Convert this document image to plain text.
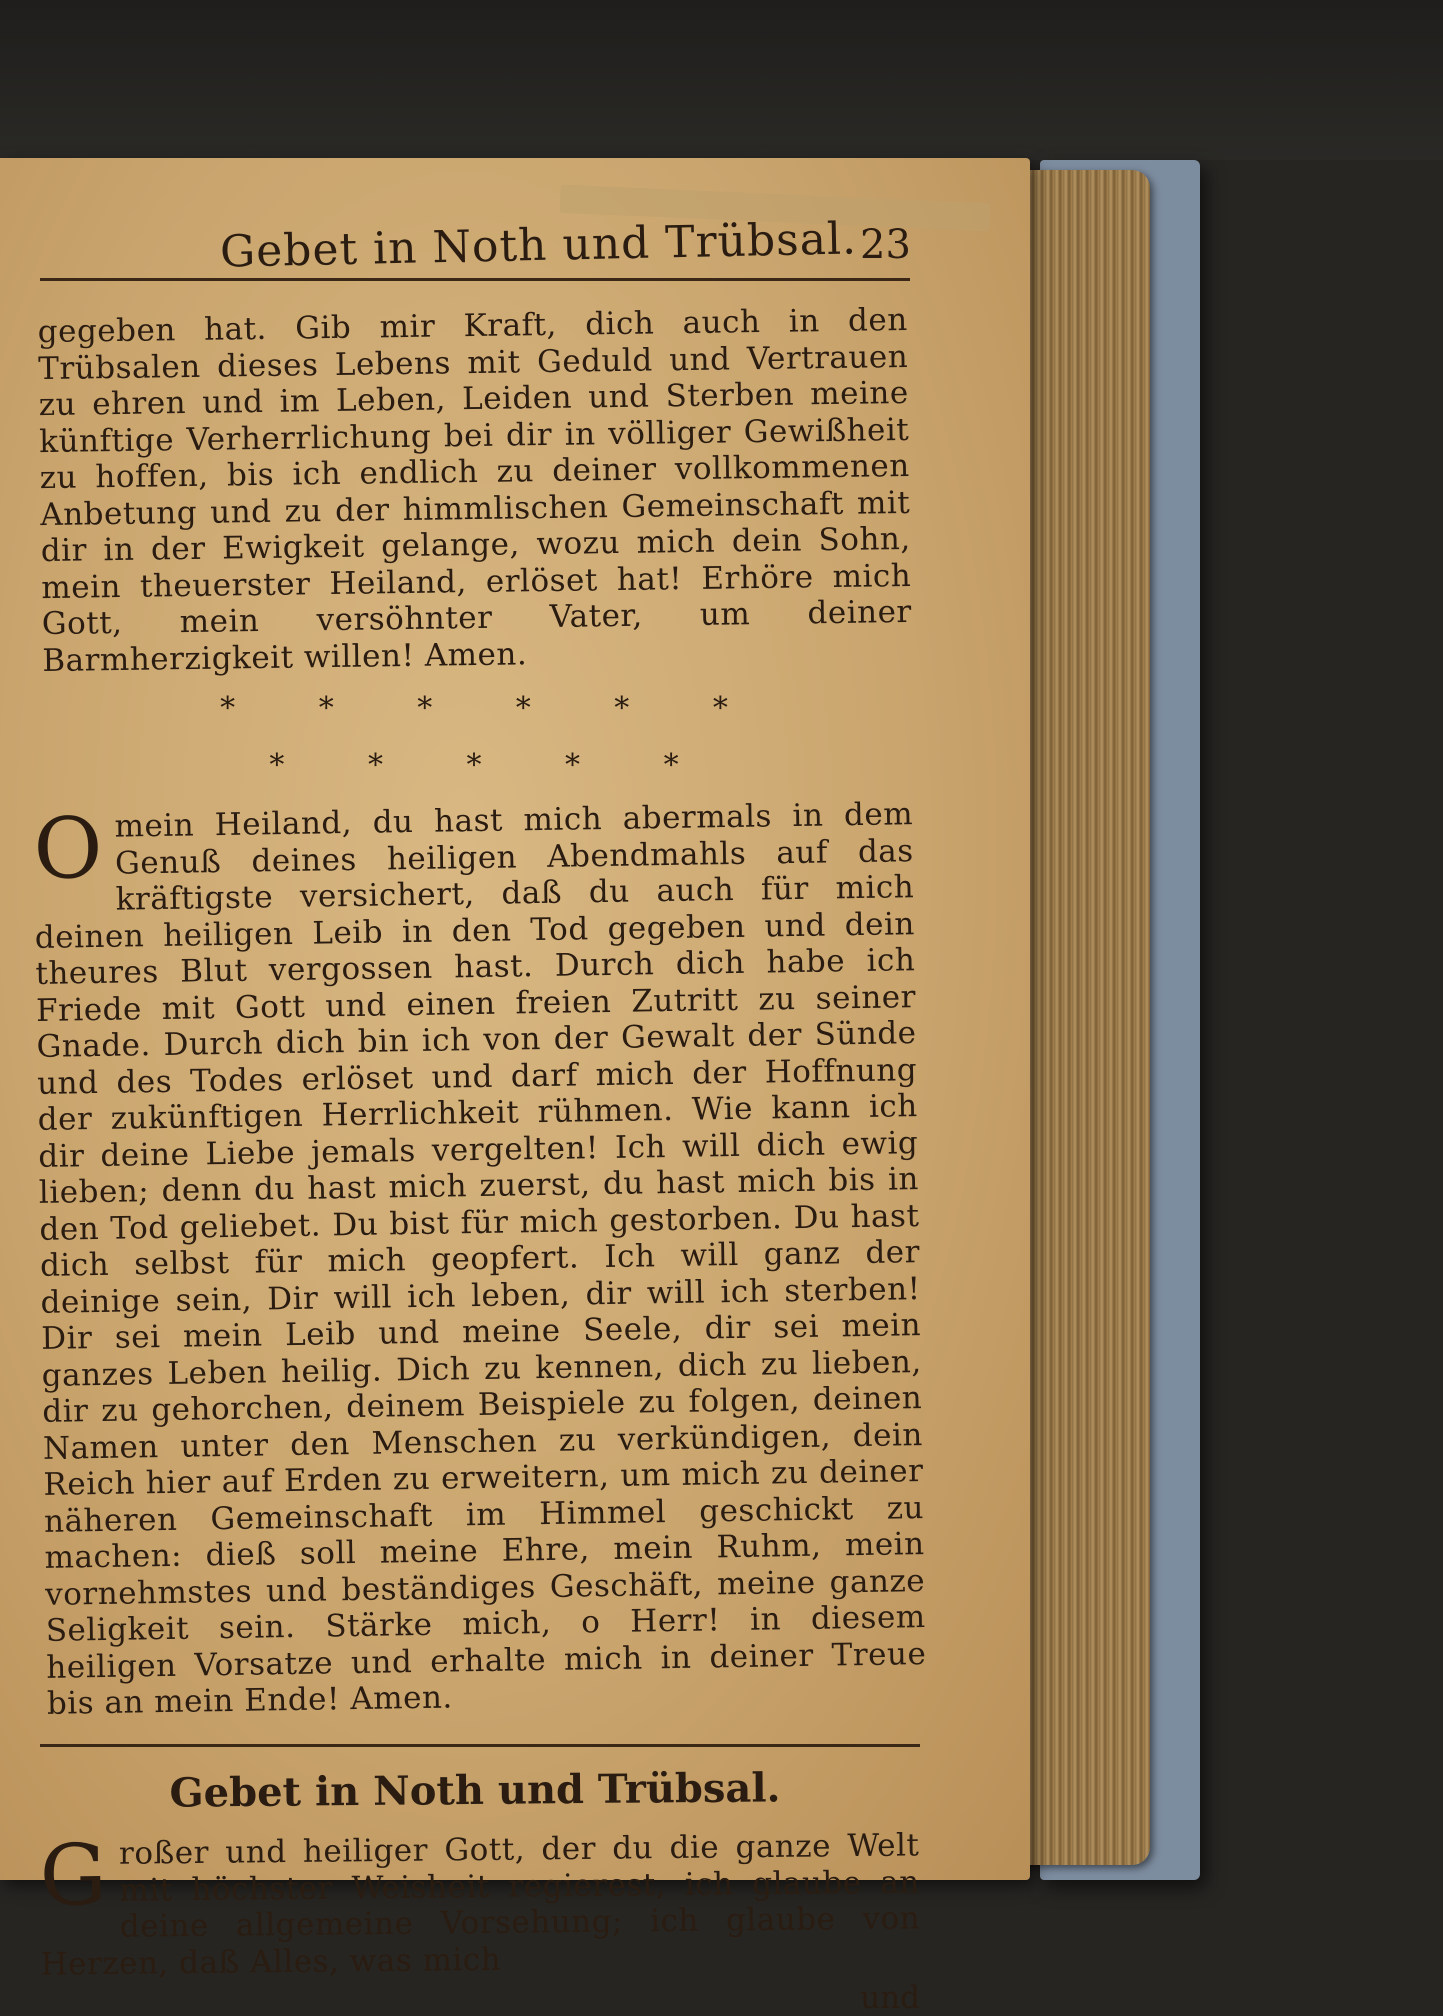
Gebet in Noth und Trübsal. 23

gegeben hat. Gib mir Kraft, dich auch in den Trübsalen dieses Lebens mit Geduld und Vertrauen zu ehren und im Leben, Leiden und Sterben meine künftige Verherrlichung bei dir in völliger Gewißheit zu hoffen, bis ich endlich zu deiner vollkommenen Anbetung und zu der himmlischen Gemeinschaft mit dir in der Ewigkeit gelange, wozu mich dein Sohn, mein theuerster Heiland, erlöset hat! Erhöre mich Gott, mein versöhnter Vater, um deiner Barmherzigkeit willen! Amen.

* * * * * *

* * * * *

O mein Heiland, du hast mich abermals in dem Genuß deines heiligen Abendmahls auf das kräftigste versichert, daß du auch für mich deinen heiligen Leib in den Tod gegeben und dein theures Blut vergossen hast. Durch dich habe ich Friede mit Gott und einen freien Zutritt zu seiner Gnade. Durch dich bin ich von der Gewalt der Sünde und des Todes erlöset und darf mich der Hoffnung der zukünftigen Herrlichkeit rühmen. Wie kann ich dir deine Liebe jemals vergelten! Ich will dich ewig lieben; denn du hast mich zuerst, du hast mich bis in den Tod geliebet. Du bist für mich gestorben. Du hast dich selbst für mich geopfert. Ich will ganz der deinige sein, Dir will ich leben, dir will ich sterben! Dir sei mein Leib und meine Seele, dir sei mein ganzes Leben heilig. Dich zu kennen, dich zu lieben, dir zu gehorchen, deinem Beispiele zu folgen, deinen Namen unter den Menschen zu verkündigen, dein Reich hier auf Erden zu erweitern, um mich zu deiner näheren Gemeinschaft im Himmel geschickt zu machen: dieß soll meine Ehre, mein Ruhm, mein vornehmstes und beständiges Geschäft, meine ganze Seligkeit sein. Stärke mich, o Herr! in diesem heiligen Vorsatze und erhalte mich in deiner Treue bis an mein Ende! Amen.
Gebet in Noth und Trübsal.
G roßer und heiliger Gott, der du die ganze Welt mit höchster Weisheit regierest, ich glaube an deine allgemeine Vorsehung; ich glaube von Herzen, daß Alles, was mich

und
